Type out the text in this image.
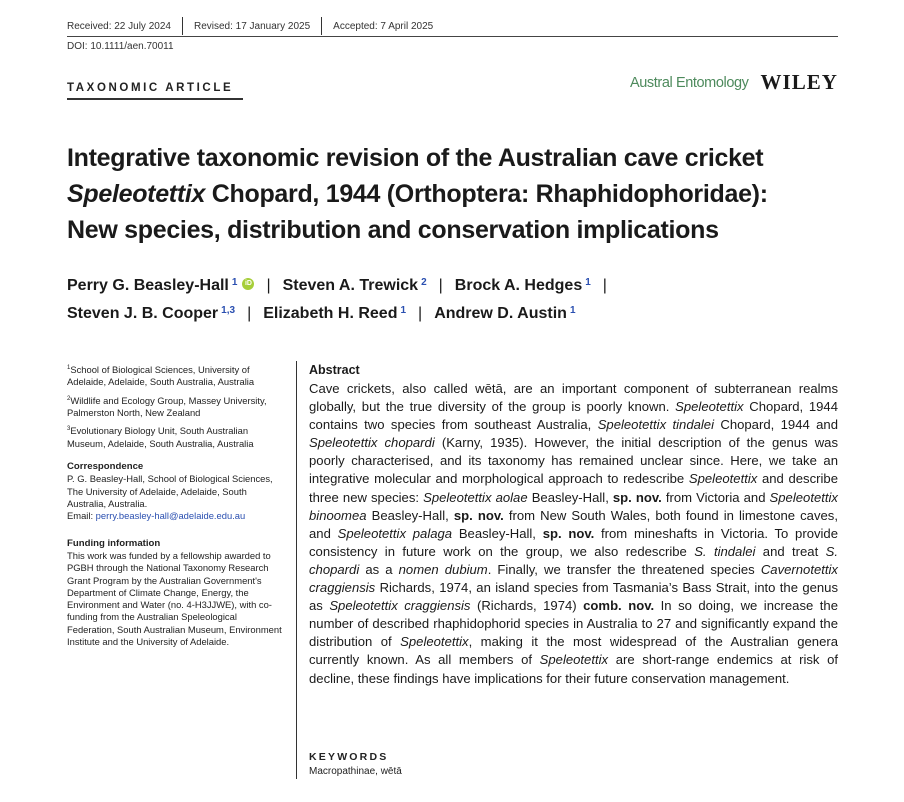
Received: 22 July 2024 Revised: 17 January 2025 Accepted: 7 April 2025
DOI: 10.1111/aen.70011
TAXONOMIC ARTICLE	Austral Entomology WILEY
Integrative taxonomic revision of the Australian cave cricket
Speleotettix Chopard, 1944 (Orthoptera: Rhaphidophoridae):
New species, distribution and conservation implications
Perry G. Beasley-Hall $^1$	iD | Steven A. Trewick $^2$ | Brock A. Hedges $^1$ |
Steven J. B. Cooper $^{1,3}$ | Elizabeth H. Reed $^1$ | Andrew D. Austin $^1$
$^1$School of Biological Sciences, University of Adelaide, Adelaide, South Australia, Australia
$^2$Wildlife and Ecology Group, Massey University, Palmerston North, New Zealand
$^3$Evolutionary Biology Unit, South Australian Museum, Adelaide, South Australia, Australia
Correspondence
P. G. Beasley-Hall, School of Biological Sciences, The University of Adelaide, Adelaide, South Australia, Australia.
Email: perry.beasley-hall@adelaide.edu.au
Funding information
This work was funded by a fellowship awarded to PGBH through the National Taxonomy Research Grant Program by the Australian Government's Department of Climate Change, Energy, the Environment and Water (no. 4-H3JJWE), with co-funding from the Australian Speleological Federation, South Australian Museum, Environment Institute and the University of Adelaide.
Abstract
Cave crickets, also called wētā, are an important component of subterranean realms globally, but the true diversity of the group is poorly known. Speleotettix Chopard, 1944 contains two species from southeast Australia, Speleotettix tindalei Chopard, 1944 and Speleotettix chopardi (Karny, 1935). However, the initial description of the genus was poorly characterised, and its taxonomy has remained unclear since. Here, we take an integrative molecular and morphological approach to redescribe Speleotettix and describe three new species: Speleotettix aolae Beasley-Hall, sp. nov. from Victoria and Speleotettix binoomea Beasley-Hall, sp. nov. from New South Wales, both found in limestone caves, and Speleotettix palaga Beasley-Hall, sp. nov. from mineshafts in Victoria. To provide consistency in future work on the group, we also redescribe S. tindalei and treat S. chopardi as a nomen dubium. Finally, we transfer the threatened species Cavernotettix craggiensis Richards, 1974, an island species from Tasmania’s Bass Strait, into the genus as Speleotettix craggiensis (Richards, 1974) comb. nov. In so doing, we increase the number of described rhaphidophorid species in Australia to 27 and significantly expand the distribution of Speleotettix, making it the most widespread of the Australian genera currently known. As all members of Speleotettix are short-range endemics at risk of decline, these findings have implications for their future conservation management.
KEYWORDS
Macropathinae, wētā
